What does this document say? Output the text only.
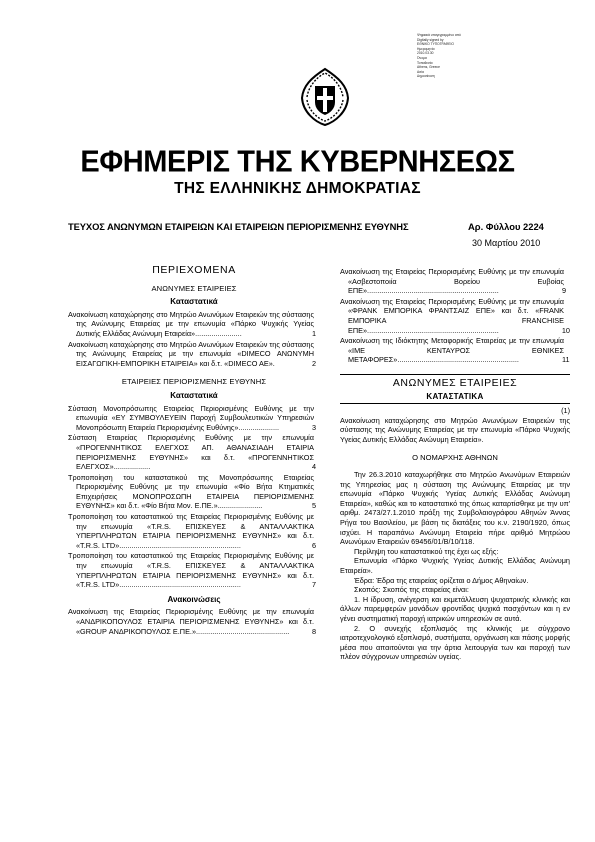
Ψηφιακά υπογεγραμμένο από
Digitally signed by
ΕΘΝΙΚΟ ΤΥΠΟΓΡΑΦΕΙΟ
Ημερομηνία
2010.03.30
Όνομα
Τοποθεσία
Athens, Greece
Αιτία
Δημοσίευση
ΕΦΗΜΕΡΙΣ ΤΗΣ ΚΥΒΕΡΝΗΣΕΩΣ
ΤΗΣ ΕΛΛΗΝΙΚΗΣ ΔΗΜΟΚΡΑΤΙΑΣ
ΤΕΥΧΟΣ ΑΝΩΝΥΜΩΝ ΕΤΑΙΡΕΙΩΝ ΚΑΙ ΕΤΑΙΡΕΙΩΝ ΠΕΡΙΟΡΙΣΜΕΝΗΣ ΕΥΘΥΝΗΣ	Αρ. Φύλλου 2224
30 Μαρτίου 2010
ΠΕΡΙΕΧΟΜΕΝΑ
ΑΝΩΝΥΜΕΣ ΕΤΑΙΡΕΙΕΣ
Καταστατικά
Ανακοίνωση καταχώρησης στο Μητρώο Ανωνύμων Εταιρειών της σύστασης της Ανώνυμης Εταιρείας με την επωνυμία «Πάρκο Ψυχικής Υγείας Δυτικής Ελλάδας Ανώνυμη Εταιρεία».......................	1
Ανακοίνωση καταχώρησης στο Μητρώο Ανωνύμων Εταιρειών της σύστασης της Ανώνυμης Εταιρείας με την επωνυμία «DIMECO ΑΝΩΝΥΜΗ ΕΙΣΑΓΩΓΙΚΗ-ΕΜΠΟΡΙΚΗ ΕΤΑΙΡΕΙΑ» και δ.τ. «DIMECO AE».	2
ΕΤΑΙΡΕΙΕΣ ΠΕΡΙΟΡΙΣΜΕΝΗΣ ΕΥΘΥΝΗΣ
Καταστατικά
Σύσταση Μονοπρόσωπης Εταιρείας Περιορισμένης Ευθύνης με την επωνυμία «ΕΥ ΣΥΜΒΟΥΛΕΥΕΙΝ Παροχή Συμβουλευτικών Υπηρεσιών Μονοπρόσωπη Εταιρεία Περιορισμένης Ευθύνης»....................	3
Σύσταση Εταιρείας Περιορισμένης Ευθύνης με την επωνυμία «ΠΡΟΓΕΝΝΗΤΙΚΟΣ ΕΛΕΓΧΟΣ ΑΠ. ΑΘΑΝΑΣΙΑΔΗ ΕΤΑΙΡΙΑ ΠΕΡΙΟΡΙΣΜΕΝΗΣ ΕΥΘΥΝΗΣ» και δ.τ. «ΠΡΟΓΕΝΝΗΤΙΚΟΣ ΕΛΕΓΧΟΣ»..................	4
Τροποποίηση του καταστατικού της Μονοπρόσωπης Εταιρείας Περιορισμένης Ευθύνης με την επωνυμία «Φίο Βήτα Κτηματικές Επιχειρήσεις ΜΟΝΟΠΡΟΣΩΠΗ ΕΤΑΙΡΕΙΑ ΠΕΡΙΟΡΙΣΜΕΝΗΣ ΕΥΘΥΝΗΣ» και δ.τ. «Φίο Βήτα Μον. Ε.ΠΕ.»......................	5
Τροποποίηση του καταστατικού της Εταιρείας Περιορισμένης Ευθύνης με την επωνυμία «T.R.S. ΕΠΙΣΚΕΥΕΣ & ΑΝΤΑΛΛΑΚΤΙΚΑ ΥΠΕΡΠΛΗΡΩΤΩΝ ΕΤΑΙΡΙΑ ΠΕΡΙΟΡΙΣΜΕΝΗΣ ΕΥΘΥΝΗΣ» και δ.τ. «T.R.S. LTD»............................................................	6
Τροποποίηση του καταστατικού της Εταιρείας Περιορισμένης Ευθύνης με την επωνυμία «T.R.S. ΕΠΙΣΚΕΥΕΣ & ΑΝΤΑΛΛΑΚΤΙΚΑ ΥΠΕΡΠΛΗΡΩΤΩΝ ΕΤΑΙΡΙΑ ΠΕΡΙΟΡΙΣΜΕΝΗΣ ΕΥΘΥΝΗΣ» και δ.τ. «T.R.S. LTD»............................................................	7
Ανακοινώσεις
Ανακοίνωση της Εταιρείας Περιορισμένης Ευθύνης με την επωνυμία «ΑΝΔΡΙΚΟΠΟΥΛΟΣ ΕΤΑΙΡΙΑ ΠΕΡΙΟΡΙΣΜΕΝΗΣ ΕΥΘΥΝΗΣ» και δ.τ. «GROUP ΑΝΔΡΙΚΟΠΟΥΛΟΣ Ε.ΠΕ.»..............................................	8
Ανακοίνωση της Εταιρείας Περιορισμένης Ευθύνης με την επωνυμία «Ασβεστοποιία Βορείου Ευβοίας ΕΠΕ».................................................................	9
Ανακοίνωση της Εταιρείας Περιορισμένης Ευθύνης με την επωνυμία «ΦΡΑΝΚ ΕΜΠΟΡΙΚΑ ΦΡΑΝΤΣΑΙΖ ΕΠΕ» και δ.τ. «FRANK ΕΜΠΟΡΙΚΑ FRANCHISE ΕΠΕ».................................................................	10
Ανακοίνωση της Ιδιόκτητης Μεταφορικής Εταιρείας με την επωνυμία «ΙΜΕ ΚΕΝΤΑΥΡΟΣ ΕΘΝΙΚΕΣ ΜΕΤΑΦΟΡΕΣ»............................................................	11
ΑΝΩΝΥΜΕΣ ΕΤΑΙΡΕΙΕΣ
ΚΑΤΑΣΤΑΤΙΚΑ
(1)

Ανακοίνωση καταχώρησης στο Μητρώο Ανωνύμων Εταιρειών της σύστασης της Ανώνυμης Εταιρείας με την επωνυμία «Πάρκο Ψυχικής Υγείας Δυτικής Ελλάδας Ανώνυμη Εταιρεία».

Ο ΝΟΜΑΡΧΗΣ ΑΘΗΝΩΝ

Την 26.3.2010 καταχωρήθηκε στο Μητρώο Ανωνύμων Εταιρειών της Υπηρεσίας μας η σύσταση της Ανώνυμης Εταιρείας με την επωνυμία «Πάρκο Ψυχικής Υγείας Δυτικής Ελλάδας Ανώνυμη Εταιρεία», καθώς και το καταστατικό της όπως καταρτίσθηκε με την υπ' αριθμ. 2473/27.1.2010 πράξη της Συμβολαιογράφου Αθηνών Άννας Ρήγα του Βασιλείου, με βάση τις διατάξεις του κ.ν. 2190/1920, όπως ισχύει. Η παραπάνω Ανώνυμη Εταιρεία πήρε αριθμό Μητρώου Ανωνύμων Εταιρειών 69456/01/Β/10/118.

Περίληψη του καταστατικού της έχει ως εξής:

Επωνυμία «Πάρκο Ψυχικής Υγείας Δυτικής Ελλάδας Ανώνυμη Εταιρεία».

Έδρα: Έδρα της εταιρείας ορίζεται ο Δήμος Αθηναίων.

Σκοπός: Σκοπός της εταιρείας είναι:

1. Η ίδρυση, ανέγερση και εκμετάλλευση ψυχιατρικής κλινικής και άλλων παρεμφερών μονάδων φροντίδας ψυχικά πασχόντων και η εν γένει συστηματική παροχή ιατρικών υπηρεσιών σε αυτά.

2. Ο συνεχής εξοπλισμός της κλινικής με σύγχρονο ιατροτεχνολογικό εξοπλισμό, συστήματα, οργάνωση και πάσης μορφής μέσα που απαιτούνται για την άρτια λειτουργία των και παροχή των πλέον σύγχρονων υπηρεσιών υγείας.
